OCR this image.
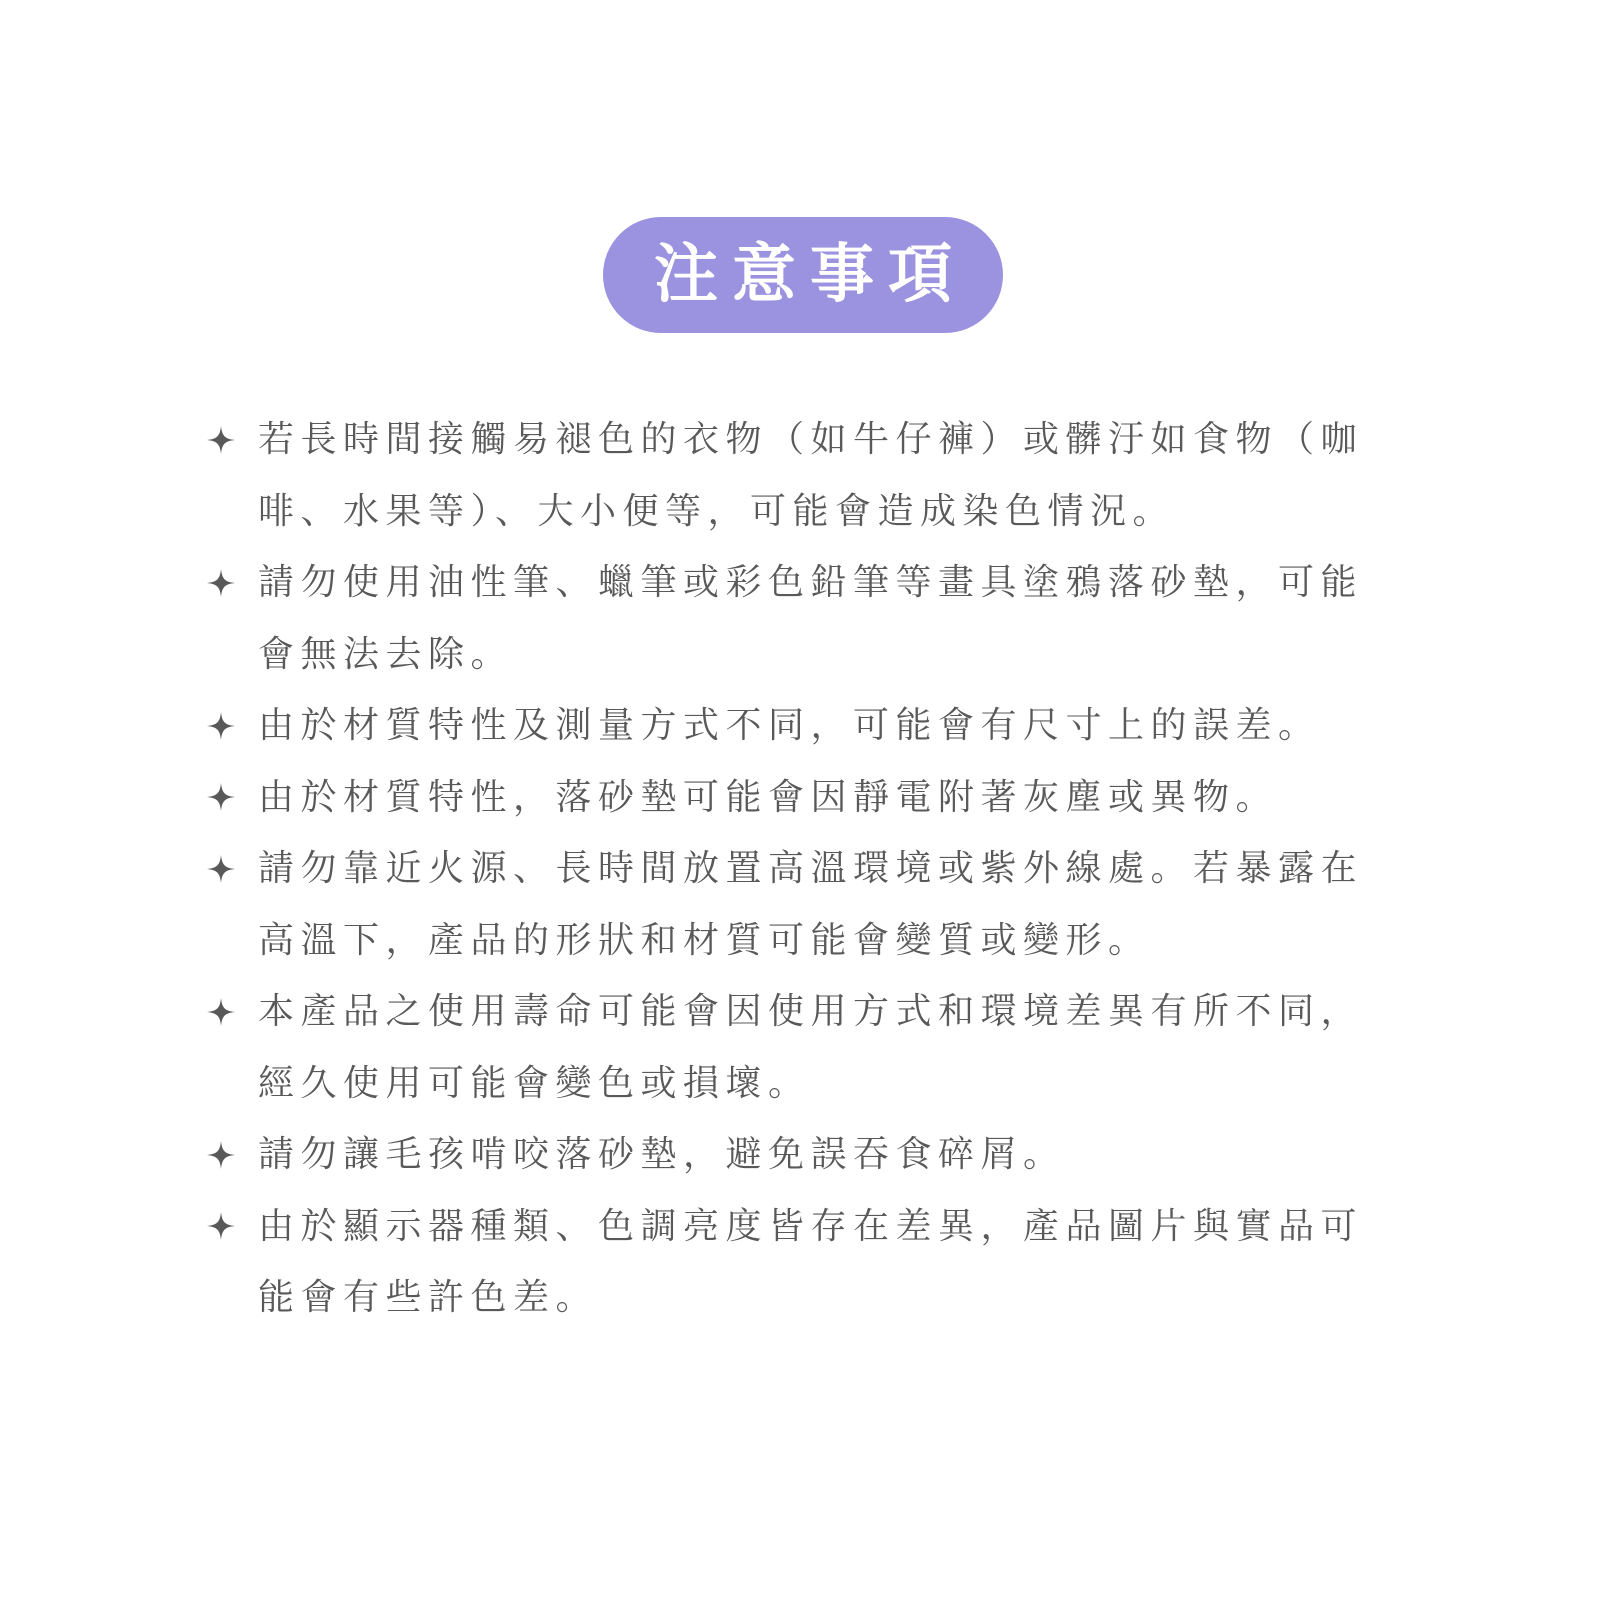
注意事項
若長時間接觸易褪色的衣物（如牛仔褲）或髒汙如食物（咖啡、水果等）、大小便等，可能會造成染色情況。
請勿使用油性筆、蠟筆或彩色鉛筆等畫具塗鴉落砂墊，可能會無法去除。
由於材質特性及測量方式不同，可能會有尺寸上的誤差。
由於材質特性，落砂墊可能會因靜電附著灰塵或異物。
請勿靠近火源、長時間放置高溫環境或紫外線處。若暴露在高溫下，產品的形狀和材質可能會變質或變形。
本產品之使用壽命可能會因使用方式和環境差異有所不同，經久使用可能會變色或損壞。
請勿讓毛孩啃咬落砂墊，避免誤吞食碎屑。
由於顯示器種類、色調亮度皆存在差異，產品圖片與實品可能會有些許色差。
